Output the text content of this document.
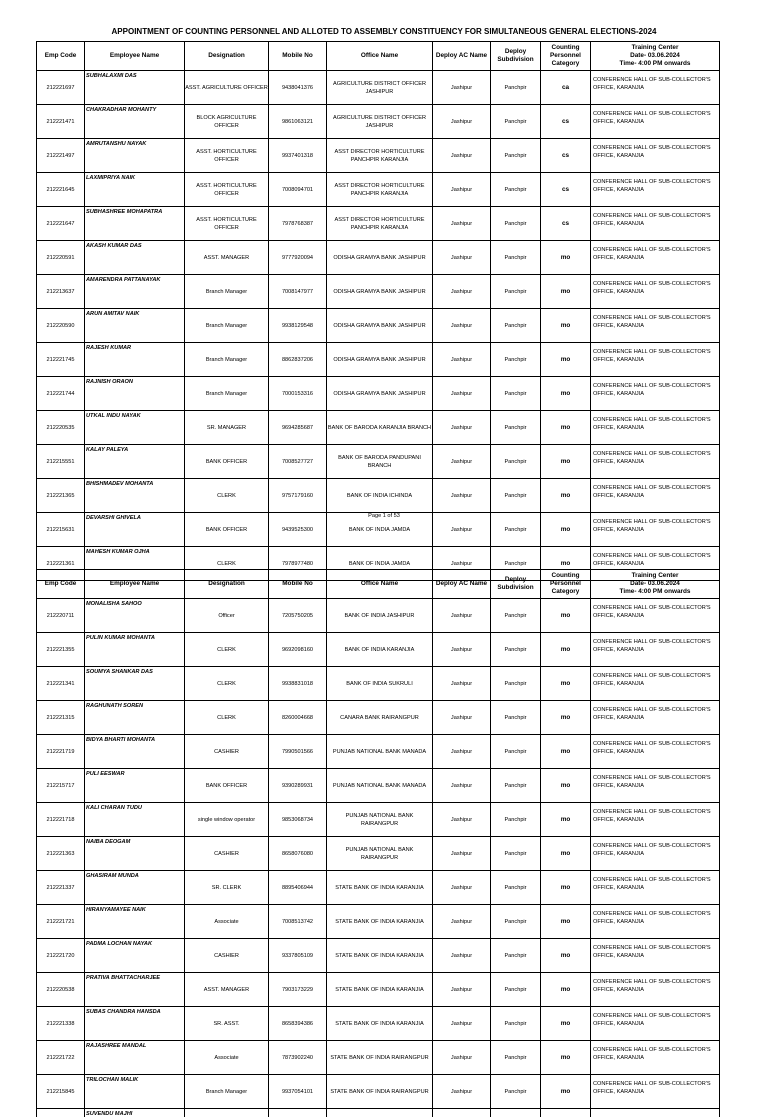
APPOINTMENT OF COUNTING PERSONNEL AND ALLOTED TO ASSEMBLY CONSTITUENCY FOR SIMULTANEOUS GENERAL ELECTIONS-2024
Emp Code	Employee Name	Designation	Mobile No	Office Name	Deploy AC Name	Deploy Subdivision	Counting Personnel Category	Training Center
Date- 03.06.2024
Time- 4:00 PM onwards

212221697	SUBHALAXMI DAS	ASST. AGRICULTURE OFFICER	9438041376	AGRICULTURE DISTRICT OFFICER JASHIPUR	Jashipur	Panchpir	ca	CONFERENCE HALL OF SUB-COLLECTOR'S OFFICE, KARANJIA
212221471	CHAKRADHAR MOHANTY	BLOCK AGRICULTURE OFFICER	9861063121	AGRICULTURE DISTRICT OFFICER JASHIPUR	Jashipur	Panchpir	cs	CONFERENCE HALL OF SUB-COLLECTOR'S OFFICE, KARANJIA
212221497	AMRUTANSHU NAYAK	ASST. HORTICULTURE OFFICER	9937401318	ASST DIRECTOR HORTICULTURE PANCHPIR KARANJIA	Jashipur	Panchpir	cs	CONFERENCE HALL OF SUB-COLLECTOR'S OFFICE, KARANJIA
212221645	LAXMIPRIYA NAIK	ASST. HORTICULTURE OFFICER	7008094701	ASST DIRECTOR HORTICULTURE PANCHPIR KARANJIA	Jashipur	Panchpir	cs	CONFERENCE HALL OF SUB-COLLECTOR'S OFFICE, KARANJIA
212221647	SUBHASHREE MOHAPATRA	ASST. HORTICULTURE OFFICER	7978768387	ASST DIRECTOR HORTICULTURE PANCHPIR KARANJIA	Jashipur	Panchpir	cs	CONFERENCE HALL OF SUB-COLLECTOR'S OFFICE, KARANJIA
212220591	AKASH KUMAR DAS	ASST. MANAGER	9777920094	ODISHA GRAMYA BANK JASHIPUR	Jashipur	Panchpir	mo	CONFERENCE HALL OF SUB-COLLECTOR'S OFFICE, KARANJIA
212213637	AMARENDRA PATTANAYAK	Branch Manager	7008147977	ODISHA GRAMYA BANK JASHIPUR	Jashipur	Panchpir	mo	CONFERENCE HALL OF SUB-COLLECTOR'S OFFICE, KARANJIA
212220590	ARUN AMITAV NAIK	Branch Manager	9938129548	ODISHA GRAMYA BANK JASHIPUR	Jashipur	Panchpir	mo	CONFERENCE HALL OF SUB-COLLECTOR'S OFFICE, KARANJIA
212221745	RAJESH KUMAR	Branch Manager	8862837206	ODISHA GRAMYA BANK JASHIPUR	Jashipur	Panchpir	mo	CONFERENCE HALL OF SUB-COLLECTOR'S OFFICE, KARANJIA
212221744	RAJNISH ORAON	Branch Manager	7000153316	ODISHA GRAMYA BANK JASHIPUR	Jashipur	Panchpir	mo	CONFERENCE HALL OF SUB-COLLECTOR'S OFFICE, KARANJIA
212220535	UTKAL INDU NAYAK	SR. MANAGER	9694285687	BANK OF BARODA KARANJIA BRANCH	Jashipur	Panchpir	mo	CONFERENCE HALL OF SUB-COLLECTOR'S OFFICE, KARANJIA
212215551	KALAY PALEYA	BANK OFFICER	7008527727	BANK OF BARODA PANDUPANI BRANCH	Jashipur	Panchpir	mo	CONFERENCE HALL OF SUB-COLLECTOR'S OFFICE, KARANJIA
212221365	BHISHMADEV MOHANTA	CLERK	9757179160	BANK OF INDIA ICHINDA	Jashipur	Panchpir	mo	CONFERENCE HALL OF SUB-COLLECTOR'S OFFICE, KARANJIA
212215631	DEVARSHI GHIVELA	BANK OFFICER	9439525300	BANK OF INDIA JAMDA	Jashipur	Panchpir	mo	CONFERENCE HALL OF SUB-COLLECTOR'S OFFICE, KARANJIA
212221361	MAHESH KUMAR OJHA	CLERK	7978977480	BANK OF INDIA JAMDA	Jashipur	Panchpir	mo	CONFERENCE HALL OF SUB-COLLECTOR'S OFFICE, KARANJIA
Page 1 of 53
Emp Code	Employee Name	Designation	Mobile No	Office Name	Deploy AC Name	Deploy Subdivision	Counting Personnel Category	Training Center
Date- 03.06.2024
Time- 4:00 PM onwards

212220711	MONALISHA SAHOO	Officer	7205750205	BANK OF INDIA JASHIPUR	Jashipur	Panchpir	mo	CONFERENCE HALL OF SUB-COLLECTOR'S OFFICE, KARANJIA
212221355	PULIN KUMAR MOHANTA	CLERK	9692098160	BANK OF INDIA KARANJIA	Jashipur	Panchpir	mo	CONFERENCE HALL OF SUB-COLLECTOR'S OFFICE, KARANJIA
212221341	SOUMYA SHANKAR DAS	CLERK	9938831018	BANK OF INDIA SUKRULI	Jashipur	Panchpir	mo	CONFERENCE HALL OF SUB-COLLECTOR'S OFFICE, KARANJIA
212221315	RAGHUNATH SOREN	CLERK	8260004668	CANARA BANK RAIRANGPUR	Jashipur	Panchpir	mo	CONFERENCE HALL OF SUB-COLLECTOR'S OFFICE, KARANJIA
212221719	BIDYA BHARTI MOHANTA	CASHIER	7990501566	PUNJAB NATIONAL BANK MANADA	Jashipur	Panchpir	mo	CONFERENCE HALL OF SUB-COLLECTOR'S OFFICE, KARANJIA
212215717	PULI EESWAR	BANK OFFICER	9390289931	PUNJAB NATIONAL BANK MANADA	Jashipur	Panchpir	mo	CONFERENCE HALL OF SUB-COLLECTOR'S OFFICE, KARANJIA
212221718	KALI CHARAN TUDU	single window operator	9853068734	PUNJAB NATIONAL BANK RAIRANGPUR	Jashipur	Panchpir	mo	CONFERENCE HALL OF SUB-COLLECTOR'S OFFICE, KARANJIA
212221363	NAIBA DEOGAM	CASHIER	8658076080	PUNJAB NATIONAL BANK RAIRANGPUR	Jashipur	Panchpir	mo	CONFERENCE HALL OF SUB-COLLECTOR'S OFFICE, KARANJIA
212221337	GHASIRAM MUNDA	SR. CLERK	8895406944	STATE BANK OF INDIA KARANJIA	Jashipur	Panchpir	mo	CONFERENCE HALL OF SUB-COLLECTOR'S OFFICE, KARANJIA
212221721	HIRANYAMAYEE NAIK	Associate	7008513742	STATE BANK OF INDIA KARANJIA	Jashipur	Panchpir	mo	CONFERENCE HALL OF SUB-COLLECTOR'S OFFICE, KARANJIA
212221720	PADMA LOCHAN NAYAK	CASHIER	9337805109	STATE BANK OF INDIA KARANJIA	Jashipur	Panchpir	mo	CONFERENCE HALL OF SUB-COLLECTOR'S OFFICE, KARANJIA
212220538	PRATIVA BHATTACHARJEE	ASST. MANAGER	7903173229	STATE BANK OF INDIA KARANJIA	Jashipur	Panchpir	mo	CONFERENCE HALL OF SUB-COLLECTOR'S OFFICE, KARANJIA
212221338	SUBAS CHANDRA HANSDA	SR. ASST.	8658394386	STATE BANK OF INDIA KARANJIA	Jashipur	Panchpir	mo	CONFERENCE HALL OF SUB-COLLECTOR'S OFFICE, KARANJIA
212221722	RAJASHREE MANDAL	Associate	7873902240	STATE BANK OF INDIA RAIRANGPUR	Jashipur	Panchpir	mo	CONFERENCE HALL OF SUB-COLLECTOR'S OFFICE, KARANJIA
212215845	TRILOCHAN MALIK	Branch Manager	9937054101	STATE BANK OF INDIA RAIRANGPUR	Jashipur	Panchpir	mo	CONFERENCE HALL OF SUB-COLLECTOR'S OFFICE, KARANJIA

	SUVENDU MAJHI							
